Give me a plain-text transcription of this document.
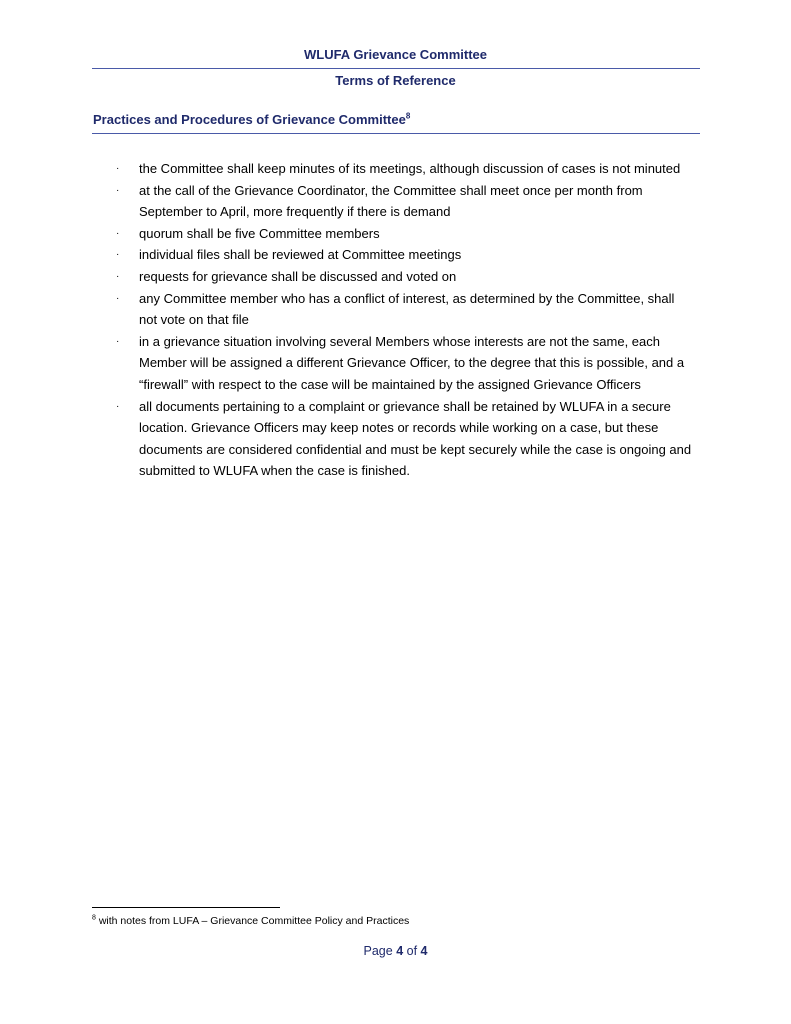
WLUFA Grievance Committee
Terms of Reference
Practices and Procedures of Grievance Committee$^8$
· the Committee shall keep minutes of its meetings, although discussion of cases is not minuted
· at the call of the Grievance Coordinator, the Committee shall meet once per month from September to April, more frequently if there is demand
· quorum shall be five Committee members
· individual files shall be reviewed at Committee meetings
· requests for grievance shall be discussed and voted on
· any Committee member who has a conflict of interest, as determined by the Committee, shall not vote on that file
· in a grievance situation involving several Members whose interests are not the same, each Member will be assigned a different Grievance Officer, to the degree that this is possible, and a “firewall” with respect to the case will be maintained by the assigned Grievance Officers
· all documents pertaining to a complaint or grievance shall be retained by WLUFA in a secure location. Grievance Officers may keep notes or records while working on a case, but these documents are considered confidential and must be kept securely while the case is ongoing and submitted to WLUFA when the case is finished.
$^8$ with notes from LUFA – Grievance Committee Policy and Practices
Page 4 of 4
